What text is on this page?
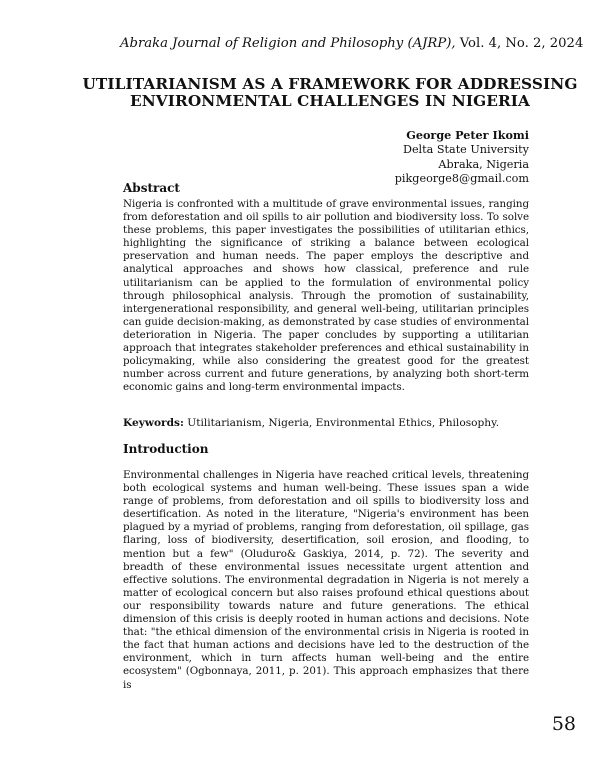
Abraka Journal of Religion and Philosophy (AJRP), Vol. 4, No. 2, 2024
UTILITARIANISM AS A FRAMEWORK FOR ADDRESSING ENVIRONMENTAL CHALLENGES IN NIGERIA
George Peter Ikomi
Delta State University
Abraka, Nigeria
pikgeorge8@gmail.com
Abstract
Nigeria is confronted with a multitude of grave environmental issues, ranging from deforestation and oil spills to air pollution and biodiversity loss. To solve these problems, this paper investigates the possibilities of utilitarian ethics, highlighting the significance of striking a balance between ecological preservation and human needs. The paper employs the descriptive and analytical approaches and shows how classical, preference and rule utilitarianism can be applied to the formulation of environmental policy through philosophical analysis. Through the promotion of sustainability, intergenerational responsibility, and general well-being, utilitarian principles can guide decision-making, as demonstrated by case studies of environmental deterioration in Nigeria. The paper concludes by supporting a utilitarian approach that integrates stakeholder preferences and ethical sustainability in policymaking, while also considering the greatest good for the greatest number across current and future generations, by analyzing both short-term economic gains and long-term environmental impacts.
Keywords: Utilitarianism, Nigeria, Environmental Ethics, Philosophy.
Introduction
Environmental challenges in Nigeria have reached critical levels, threatening both ecological systems and human well-being. These issues span a wide range of problems, from deforestation and oil spills to biodiversity loss and desertification. As noted in the literature, "Nigeria's environment has been plagued by a myriad of problems, ranging from deforestation, oil spillage, gas flaring, loss of biodiversity, desertification, soil erosion, and flooding, to mention but a few" (Oluduro& Gaskiya, 2014, p. 72). The severity and breadth of these environmental issues necessitate urgent attention and effective solutions. The environmental degradation in Nigeria is not merely a matter of ecological concern but also raises profound ethical questions about our responsibility towards nature and future generations. The ethical dimension of this crisis is deeply rooted in human actions and decisions. Note that: "the ethical dimension of the environmental crisis in Nigeria is rooted in the fact that human actions and decisions have led to the destruction of the environment, which in turn affects human well-being and the entire ecosystem" (Ogbonnaya, 2011, p. 201). This approach emphasizes that there is
58
